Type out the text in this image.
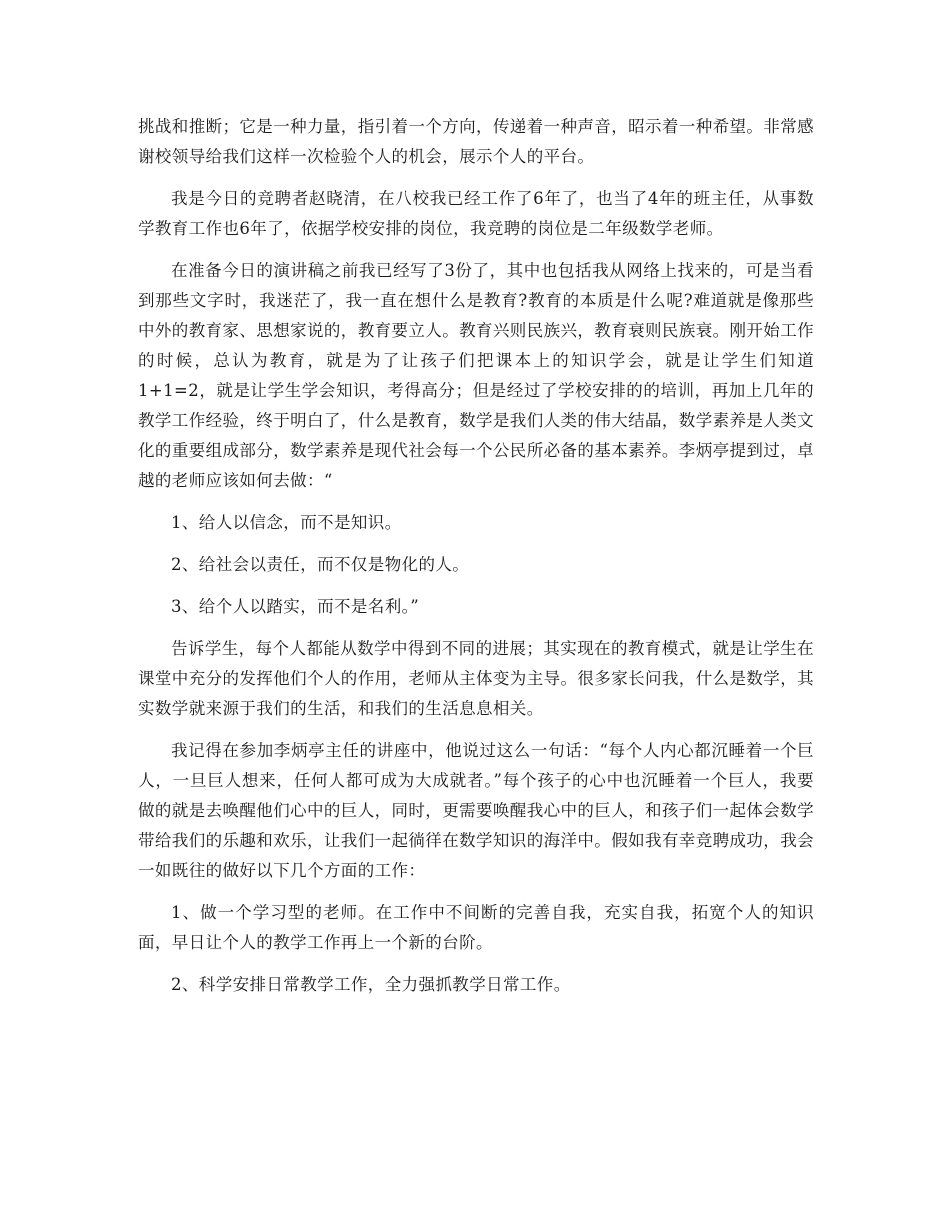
挑战和推断；它是一种力量，指引着一个方向，传递着一种声音，昭示着一种希望。非常感谢校领导给我们这样一次检验个人的机会，展示个人的平台。

我是今日的竞聘者赵晓清，在八校我已经工作了6年了，也当了4年的班主任，从事数学教育工作也6年了，依据学校安排的岗位，我竞聘的岗位是二年级数学老师。

在准备今日的演讲稿之前我已经写了3份了，其中也包括我从网络上找来的，可是当看到那些文字时，我迷茫了，我一直在想什么是教育?教育的本质是什么呢?难道就是像那些中外的教育家、思想家说的，教育要立人。教育兴则民族兴，教育衰则民族衰。刚开始工作的时候，总认为教育，就是为了让孩子们把课本上的知识学会，就是让学生们知道1+1=2，就是让学生学会知识，考得高分；但是经过了学校安排的的培训，再加上几年的教学工作经验，终于明白了，什么是教育，数学是我们人类的伟大结晶，数学素养是人类文化的重要组成部分，数学素养是现代社会每一个公民所必备的基本素养。李炳亭提到过，卓越的老师应该如何去做：“

1、给人以信念，而不是知识。

2、给社会以责任，而不仅是物化的人。

3、给个人以踏实，而不是名利。”

告诉学生，每个人都能从数学中得到不同的进展；其实现在的教育模式，就是让学生在课堂中充分的发挥他们个人的作用，老师从主体变为主导。很多家长问我，什么是数学，其实数学就来源于我们的生活，和我们的生活息息相关。

我记得在参加李炳亭主任的讲座中，他说过这么一句话：“每个人内心都沉睡着一个巨人，一旦巨人想来，任何人都可成为大成就者。”每个孩子的心中也沉睡着一个巨人，我要做的就是去唤醒他们心中的巨人，同时，更需要唤醒我心中的巨人，和孩子们一起体会数学带给我们的乐趣和欢乐，让我们一起徜徉在数学知识的海洋中。假如我有幸竞聘成功，我会一如既往的做好以下几个方面的工作：

1、做一个学习型的老师。在工作中不间断的完善自我，充实自我，拓宽个人的知识面，早日让个人的教学工作再上一个新的台阶。

2、科学安排日常教学工作，全力强抓教学日常工作。
